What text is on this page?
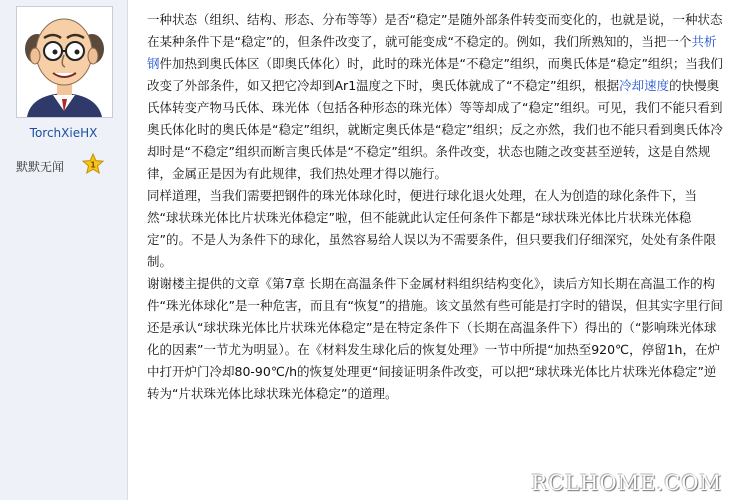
TorchXieHX
默默无闻	1

一种状态（组织、结构、形态、分布等等）是否“稳定”是随外部条件转变而变化的，也就是说，一种状态在某种条件下是“稳定”的，但条件改变了，就可能变成“不稳定的。例如，我们所熟知的，当把一个共析钢件加热到奥氏体区（即奥氏体化）时，此时的珠光体是“不稳定”组织，而奥氏体是“稳定”组织；当我们改变了外部条件，如又把它冷却到Ar1温度之下时，奥氏体就成了“不稳定”组织，根据冷却速度的快慢奥氏体转变产物马氏体、珠光体（包括各种形态的珠光体）等等却成了“稳定”组织。可见，我们不能只看到奥氏体化时的奥氏体是“稳定”组织，就断定奥氏体是“稳定”组织；反之亦然，我们也不能只看到奥氏体冷却时是“不稳定”组织而断言奥氏体是“不稳定”组织。条件改变，状态也随之改变甚至逆转，这是自然规律，金属正是因为有此规律，我们热处理才得以施行。

同样道理，当我们需要把钢件的珠光体球化时，便进行球化退火处理，在人为创造的球化条件下，当然“球状珠光体比片状珠光体稳定”啦，但不能就此认定任何条件下都是“球状珠光体比片状珠光体稳定”的。不是人为条件下的球化，虽然容易给人误以为不需要条件，但只要我们仔细深究，处处有条件限制。

谢谢楼主提供的文章《第7章 长期在高温条件下金属材料组织结构变化》，读后方知长期在高温工作的构件“珠光体球化”是一种危害，而且有“恢复”的措施。该文虽然有些可能是打字时的错误，但其实字里行间还是承认“球状珠光体比片状珠光体稳定”是在特定条件下（长期在高温条件下）得出的（“影响珠光体球化的因素”一节尤为明显）。在《材料发生球化后的恢复处理》一节中所提“加热至920℃，停留1h，在炉中打开炉门冷却80-90℃/h的恢复处理更“间接证明条件改变，可以把“球状珠光体比片状珠光体稳定”逆转为“片状珠光体比球状珠光体稳定”的道理。

RCLHOME.COM
